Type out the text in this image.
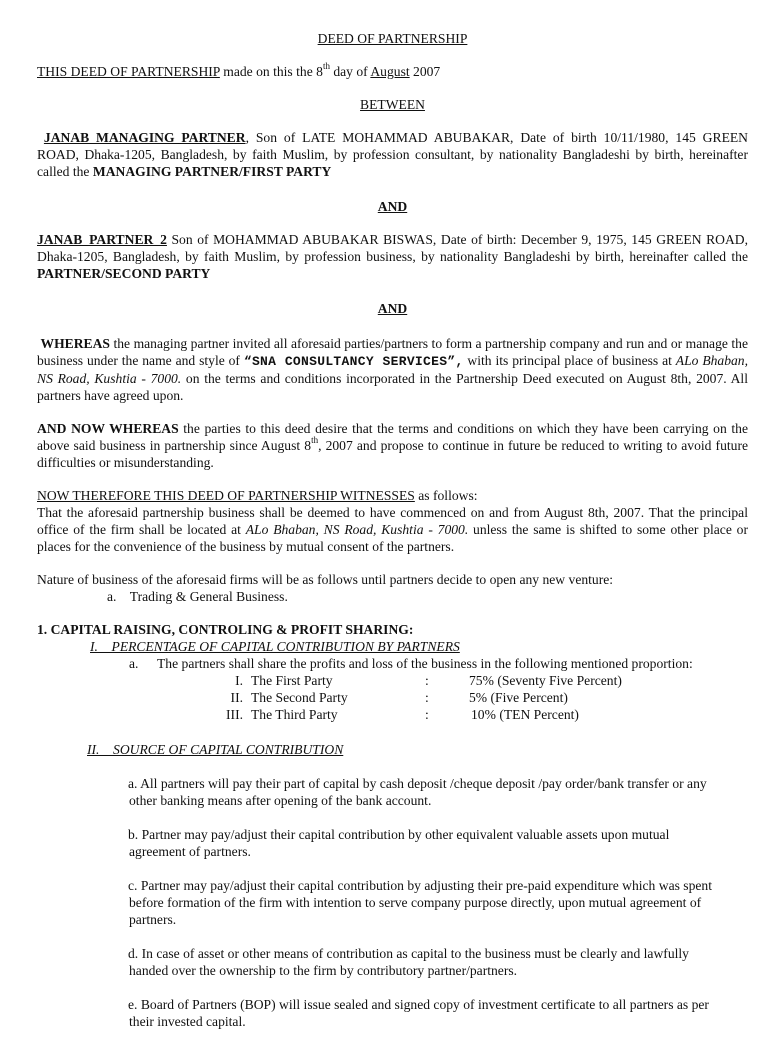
DEED OF PARTNERSHIP

THIS DEED OF PARTNERSHIP made on this the 8th day of August 2007

BETWEEN

JANAB_MANAGING_PARTNER, Son of LATE MOHAMMAD ABUBAKAR, Date of birth 10/11/1980, 145 GREEN ROAD, Dhaka-1205, Bangladesh, by faith Muslim, by profession consultant, by nationality Bangladeshi by birth, hereinafter called the MANAGING PARTNER/FIRST PARTY

AND

JANAB_PARTNER_2 Son of MOHAMMAD ABUBAKAR BISWAS, Date of birth: December 9, 1975, 145 GREEN ROAD, Dhaka-1205, Bangladesh, by faith Muslim, by profession business, by nationality Bangladeshi by birth, hereinafter called the PARTNER/SECOND PARTY

AND

WHEREAS the managing partner invited all aforesaid parties/partners to form a partnership company and run and or manage the business under the name and style of “SNA CONSULTANCY SERVICES”, with its principal place of business at ALo Bhaban, NS Road, Kushtia - 7000. on the terms and conditions incorporated in the Partnership Deed executed on August 8th, 2007. All partners have agreed upon.

AND NOW WHEREAS the parties to this deed desire that the terms and conditions on which they have been carrying on the above said business in partnership since August 8th, 2007 and propose to continue in future be reduced to writing to avoid future difficulties or misunderstanding.

NOW THEREFORE THIS DEED OF PARTNERSHIP WITNESSES as follows:

That the aforesaid partnership business shall be deemed to have commenced on and from August 8th, 2007. That the principal office of the firm shall be located at ALo Bhaban, NS Road, Kushtia - 7000. unless the same is shifted to some other place or places for the convenience of the business by mutual consent of the partners.

Nature of business of the aforesaid firms will be as follows until partners decide to open any new venture:

a.    Trading & General Business.

1. CAPITAL RAISING, CONTROLING & PROFIT SHARING:

I.    PERCENTAGE OF CAPITAL CONTRIBUTION BY PARTNERS

a.	The partners shall share the profits and loss of the business in the following mentioned proportion:

I.	The First Party	:	75% (Seventy Five Percent)
II.	The Second Party	:	5% (Five Percent)
III.	The Third Party	:	10% (TEN Percent)

II.    SOURCE OF CAPITAL CONTRIBUTION

a. All partners will pay their part of capital by cash deposit /cheque deposit /pay order/bank transfer or any other banking means after opening of the bank account.

b. Partner may pay/adjust their capital contribution by other equivalent valuable assets upon mutual agreement of partners.

c. Partner may pay/adjust their capital contribution by adjusting their pre-paid expenditure which was spent before formation of the firm with intention to serve company purpose directly, upon mutual agreement of partners.

d. In case of asset or other means of contribution as capital to the business must be clearly and lawfully handed over the ownership to the firm by contributory partner/partners.

e. Board of Partners (BOP) will issue sealed and signed copy of investment certificate to all partners as per their invested capital.
